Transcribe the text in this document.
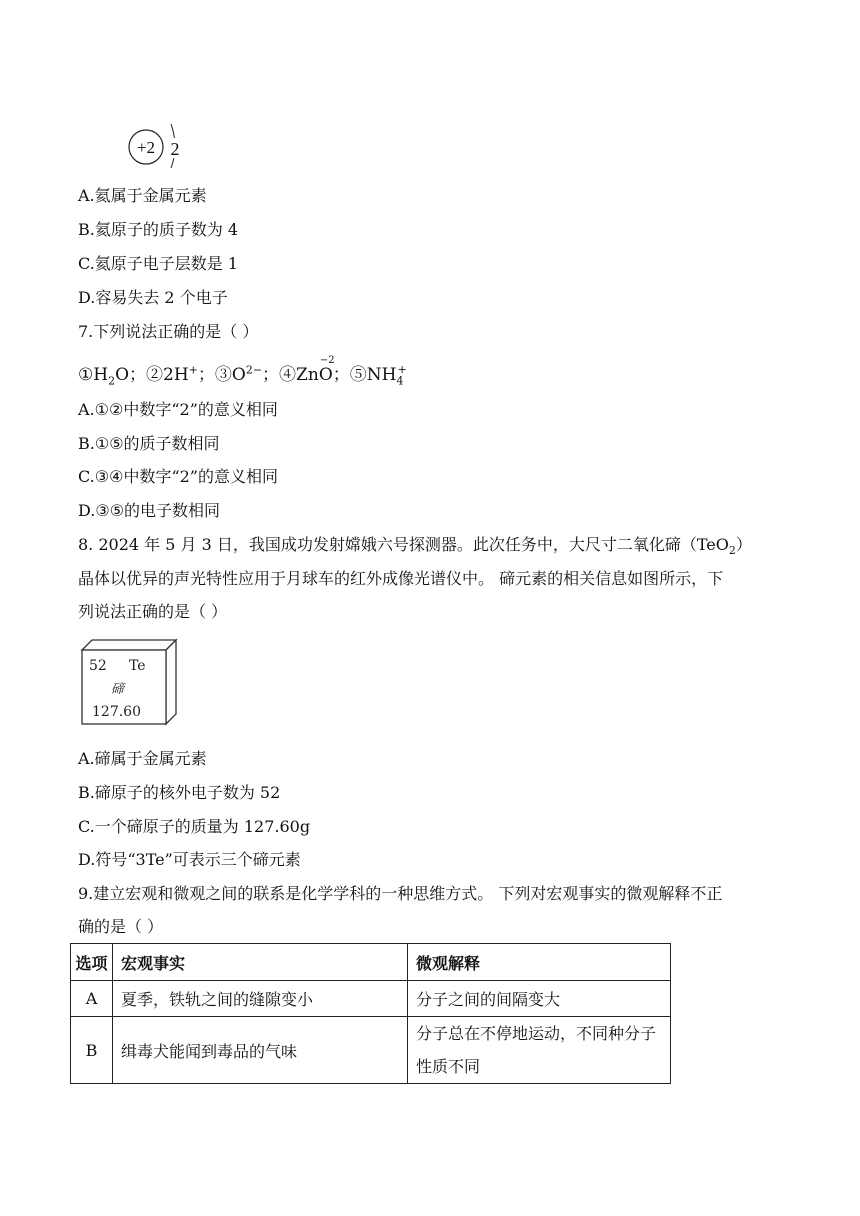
+2 2
A.氦属于金属元素
B.氦原子的质子数为 4
C.氦原子电子层数是 1
D.容易失去 2 个电子
7.下列说法正确的是（ ）
$①H_2O$；②2H+；$③O^{2-}$；④Zn
−2
O；$⑤NH_4^+$
A.①②中数字“2”的意义相同
B.①⑤的质子数相同
C.③④中数字“2”的意义相同
D.③⑤的电子数相同
8. 2024 年 5 月 3 日，我国成功发射嫦娥六号探测器。此次任务中，大尺寸二氧化碲（TeO$_2$）
晶体以优异的声光特性应用于月球车的红外成像光谱仪中。 碲元素的相关信息如图所示，下
列说法正确的是（ ）
52 Te
碲
127.60
A.碲属于金属元素
B.碲原子的核外电子数为 52
C.一个碲原子的质量为 127.60g
D.符号“3Te”可表示三个碲元素
9.建立宏观和微观之间的联系是化学学科的一种思维方式。 下列对宏观事实的微观解释不正
确的是（ ）
选项	宏观事实	微观解释
A	夏季，铁轨之间的缝隙变小	分子之间的间隔变大
B	缉毒犬能闻到毒品的气味	分子总在不停地运动，不同种分子性质不同
